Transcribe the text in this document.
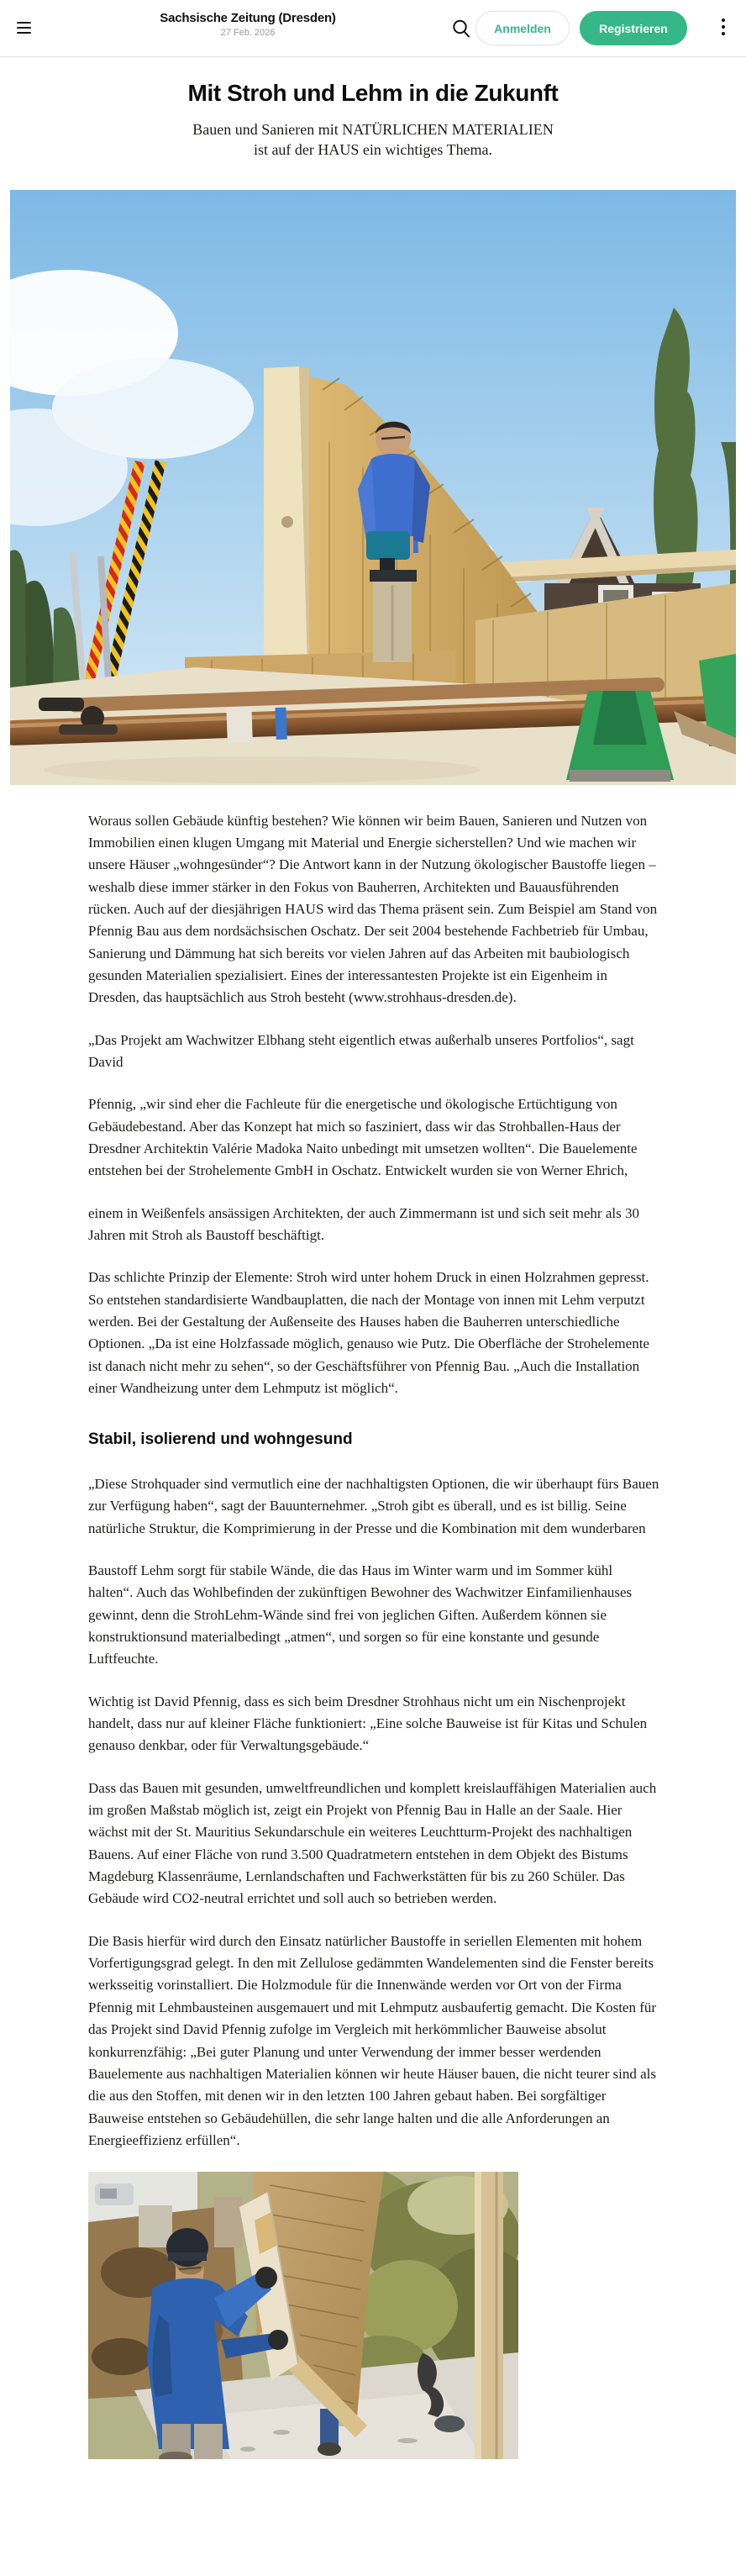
Sachsische Zeitung (Dresden)
27 Feb. 2026	Anmelden	Registrieren
Mit Stroh und Lehm in die Zukunft
Bauen und Sanieren mit NATÜRLICHEN MATERIALIEN ist auf der HAUS ein wichtiges Thema.

Woraus sollen Gebäude künftig bestehen? Wie können wir beim Bauen, Sanieren und Nutzen von Immobilien einen klugen Umgang mit Material und Energie sicherstellen? Und wie machen wir unsere Häuser „wohngesünder“? Die Antwort kann in der Nutzung ökologischer Baustoffe liegen – weshalb diese immer stärker in den Fokus von Bauherren, Architekten und Bauausführenden rücken. Auch auf der diesjährigen HAUS wird das Thema präsent sein. Zum Beispiel am Stand von Pfennig Bau aus dem nordsächsischen Oschatz. Der seit 2004 bestehende Fachbetrieb für Umbau, Sanierung und Dämmung hat sich bereits vor vielen Jahren auf das Arbeiten mit baubiologisch gesunden Materialien spezialisiert. Eines der interessantesten Projekte ist ein Eigenheim in Dresden, das hauptsächlich aus Stroh besteht (www.strohhaus-dresden.de).

„Das Projekt am Wachwitzer Elbhang steht eigentlich etwas außerhalb unseres Portfolios“, sagt David

Pfennig, „wir sind eher die Fachleute für die energetische und ökologische Ertüchtigung von Gebäudebestand. Aber das Konzept hat mich so fasziniert, dass wir das Strohballen-Haus der Dresdner Architektin Valérie Madoka Naito unbedingt mit umsetzen wollten“. Die Bauelemente entstehen bei der Strohelemente GmbH in Oschatz. Entwickelt wurden sie von Werner Ehrich,

einem in Weißenfels ansässigen Architekten, der auch Zimmermann ist und sich seit mehr als 30 Jahren mit Stroh als Baustoff beschäftigt.

Das schlichte Prinzip der Elemente: Stroh wird unter hohem Druck in einen Holzrahmen gepresst. So entstehen standardisierte Wandbauplatten, die nach der Montage von innen mit Lehm verputzt werden. Bei der Gestaltung der Außenseite des Hauses haben die Bauherren unterschiedliche Optionen. „Da ist eine Holzfassade möglich, genauso wie Putz. Die Oberfläche der Strohelemente ist danach nicht mehr zu sehen“, so der Geschäftsführer von Pfennig Bau. „Auch die Installation einer Wandheizung unter dem Lehmputz ist möglich“.

Stabil, isolierend und wohngesund

„Diese Strohquader sind vermutlich eine der nachhaltigsten Optionen, die wir überhaupt fürs Bauen zur Verfügung haben“, sagt der Bauunternehmer. „Stroh gibt es überall, und es ist billig. Seine natürliche Struktur, die Komprimierung in der Presse und die Kombination mit dem wunderbaren

Baustoff Lehm sorgt für stabile Wände, die das Haus im Winter warm und im Sommer kühl halten“. Auch das Wohlbefinden der zukünftigen Bewohner des Wachwitzer Einfamilienhauses gewinnt, denn die StrohLehm-Wände sind frei von jeglichen Giften. Außerdem können sie konstruktionsund materialbedingt „atmen“, und sorgen so für eine konstante und gesunde Luftfeuchte.

Wichtig ist David Pfennig, dass es sich beim Dresdner Strohhaus nicht um ein Nischenprojekt handelt, dass nur auf kleiner Fläche funktioniert: „Eine solche Bauweise ist für Kitas und Schulen genauso denkbar, oder für Verwaltungsgebäude.“

Dass das Bauen mit gesunden, umweltfreundlichen und komplett kreislauffähigen Materialien auch im großen Maßstab möglich ist, zeigt ein Projekt von Pfennig Bau in Halle an der Saale. Hier wächst mit der St. Mauritius Sekundarschule ein weiteres Leuchtturm-Projekt des nachhaltigen Bauens. Auf einer Fläche von rund 3.500 Quadratmetern entstehen in dem Objekt des Bistums Magdeburg Klassenräume, Lernlandschaften und Fachwerkstätten für bis zu 260 Schüler. Das Gebäude wird CO2-neutral errichtet und soll auch so betrieben werden.

Die Basis hierfür wird durch den Einsatz natürlicher Baustoffe in seriellen Elementen mit hohem Vorfertigungsgrad gelegt. In den mit Zellulose gedämmten Wandelementen sind die Fenster bereits werksseitig vorinstalliert. Die Holzmodule für die Innenwände werden vor Ort von der Firma Pfennig mit Lehmbausteinen ausgemauert und mit Lehmputz ausbaufertig gemacht. Die Kosten für das Projekt sind David Pfennig zufolge im Vergleich mit herkömmlicher Bauweise absolut konkurrenzfähig: „Bei guter Planung und unter Verwendung der immer besser werdenden Bauelemente aus nachhaltigen Materialien können wir heute Häuser bauen, die nicht teurer sind als die aus den Stoffen, mit denen wir in den letzten 100 Jahren gebaut haben. Bei sorgfältiger Bauweise entstehen so Gebäudehüllen, die sehr lange halten und die alle Anforderungen an Energieeffizienz erfüllen“.
